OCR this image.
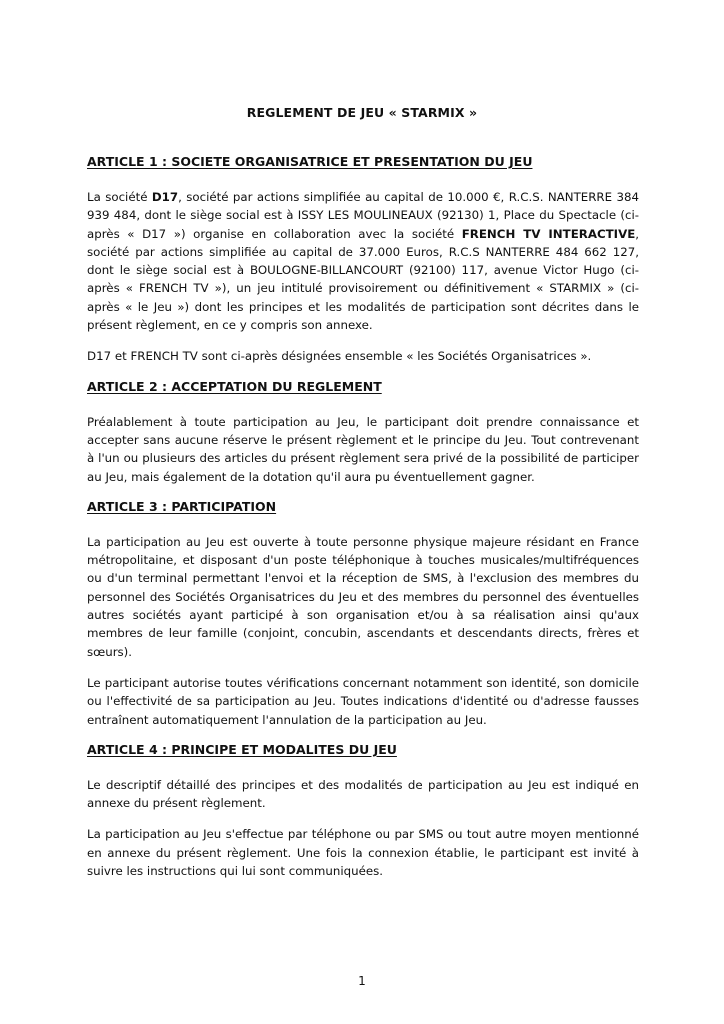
REGLEMENT DE JEU « STARMIX »
ARTICLE 1 : SOCIETE ORGANISATRICE ET PRESENTATION DU JEU

La société D17, société par actions simplifiée au capital de 10.000 €, R.C.S. NANTERRE 384 939 484, dont le siège social est à ISSY LES MOULINEAUX (92130) 1, Place du Spectacle (ci-après « D17 ») organise en collaboration avec la société FRENCH TV INTERACTIVE, société par actions simplifiée au capital de 37.000 Euros, R.C.S NANTERRE 484 662 127, dont le siège social est à BOULOGNE-BILLANCOURT (92100) 117, avenue Victor Hugo (ci-après « FRENCH TV »), un jeu intitulé provisoirement ou définitivement « STARMIX » (ci-après « le Jeu ») dont les principes et les modalités de participation sont décrites dans le présent règlement, en ce y compris son annexe.

D17 et FRENCH TV sont ci-après désignées ensemble « les Sociétés Organisatrices ».

ARTICLE 2 : ACCEPTATION DU REGLEMENT

Préalablement à toute participation au Jeu, le participant doit prendre connaissance et accepter sans aucune réserve le présent règlement et le principe du Jeu. Tout contrevenant à l'un ou plusieurs des articles du présent règlement sera privé de la possibilité de participer au Jeu, mais également de la dotation qu'il aura pu éventuellement gagner.

ARTICLE 3 : PARTICIPATION

La participation au Jeu est ouverte à toute personne physique majeure résidant en France métropolitaine, et disposant d'un poste téléphonique à touches musicales/multifréquences ou d'un terminal permettant l'envoi et la réception de SMS, à l'exclusion des membres du personnel des Sociétés Organisatrices du Jeu et des membres du personnel des éventuelles autres sociétés ayant participé à son organisation et/ou à sa réalisation ainsi qu'aux membres de leur famille (conjoint, concubin, ascendants et descendants directs, frères et sœurs).

Le participant autorise toutes vérifications concernant notamment son identité, son domicile ou l'effectivité de sa participation au Jeu. Toutes indications d'identité ou d'adresse fausses entraînent automatiquement l'annulation de la participation au Jeu.

ARTICLE 4 : PRINCIPE ET MODALITES DU JEU

Le descriptif détaillé des principes et des modalités de participation au Jeu est indiqué en annexe du présent règlement.

La participation au Jeu s'effectue par téléphone ou par SMS ou tout autre moyen mentionné en annexe du présent règlement. Une fois la connexion établie, le participant est invité à suivre les instructions qui lui sont communiquées.

1
